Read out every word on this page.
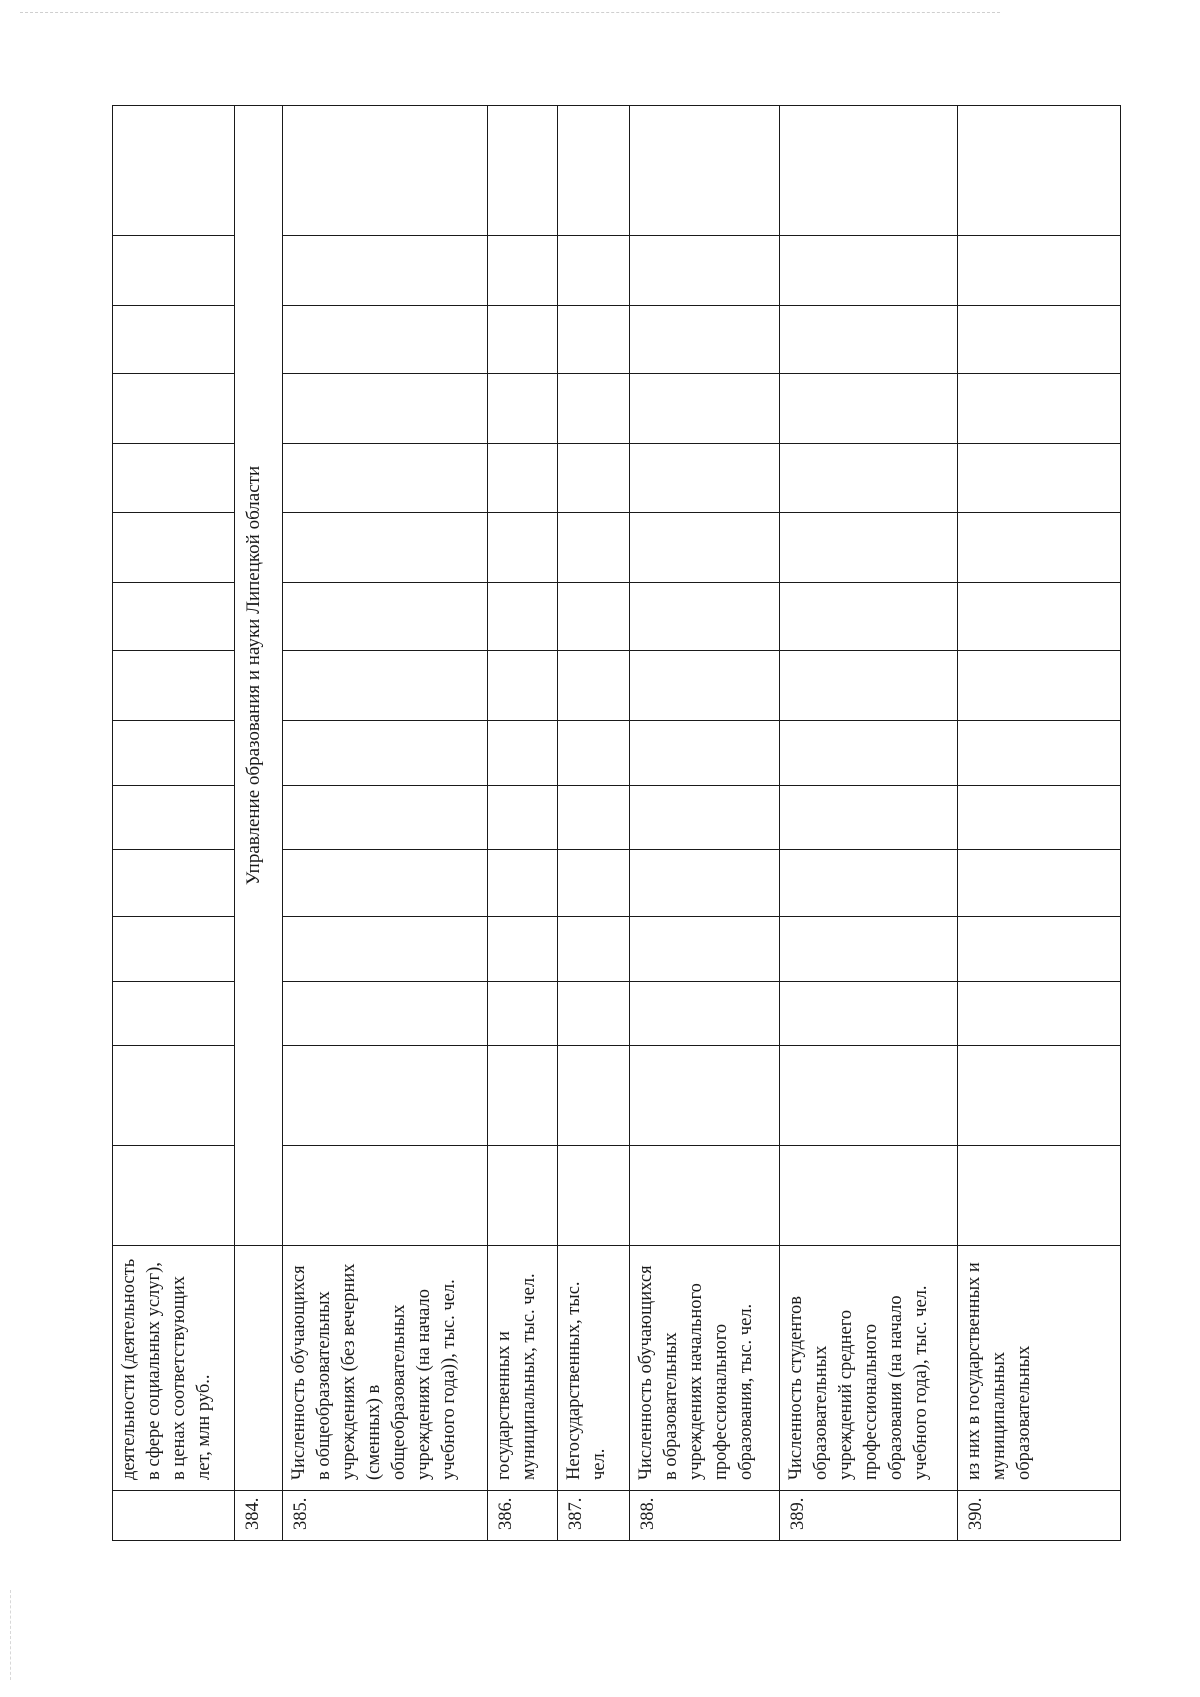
	деятельности (деятельность в сфере социальных услуг), в ценах соответствующих лет, млн руб..															
384.		Управление образования и науки Липецкой области														
385.	Численность обучающихся в общеобразовательных учреждениях (без вечерних (сменных) в общеобразовательных учреждениях (на начало учебного года)), тыс. чел.															
386.	государственных и муниципальных, тыс. чел.															
387.	Негосударственных, тыс. чел.															
388.	Численность обучающихся в образовательных учреждениях начального профессионального образования, тыс. чел.															
389.	Численность студентов образовательных учреждений среднего профессионального образования (на начало учебного года), тыс. чел.															
390.	из них в государственных и муниципальных образовательных															
